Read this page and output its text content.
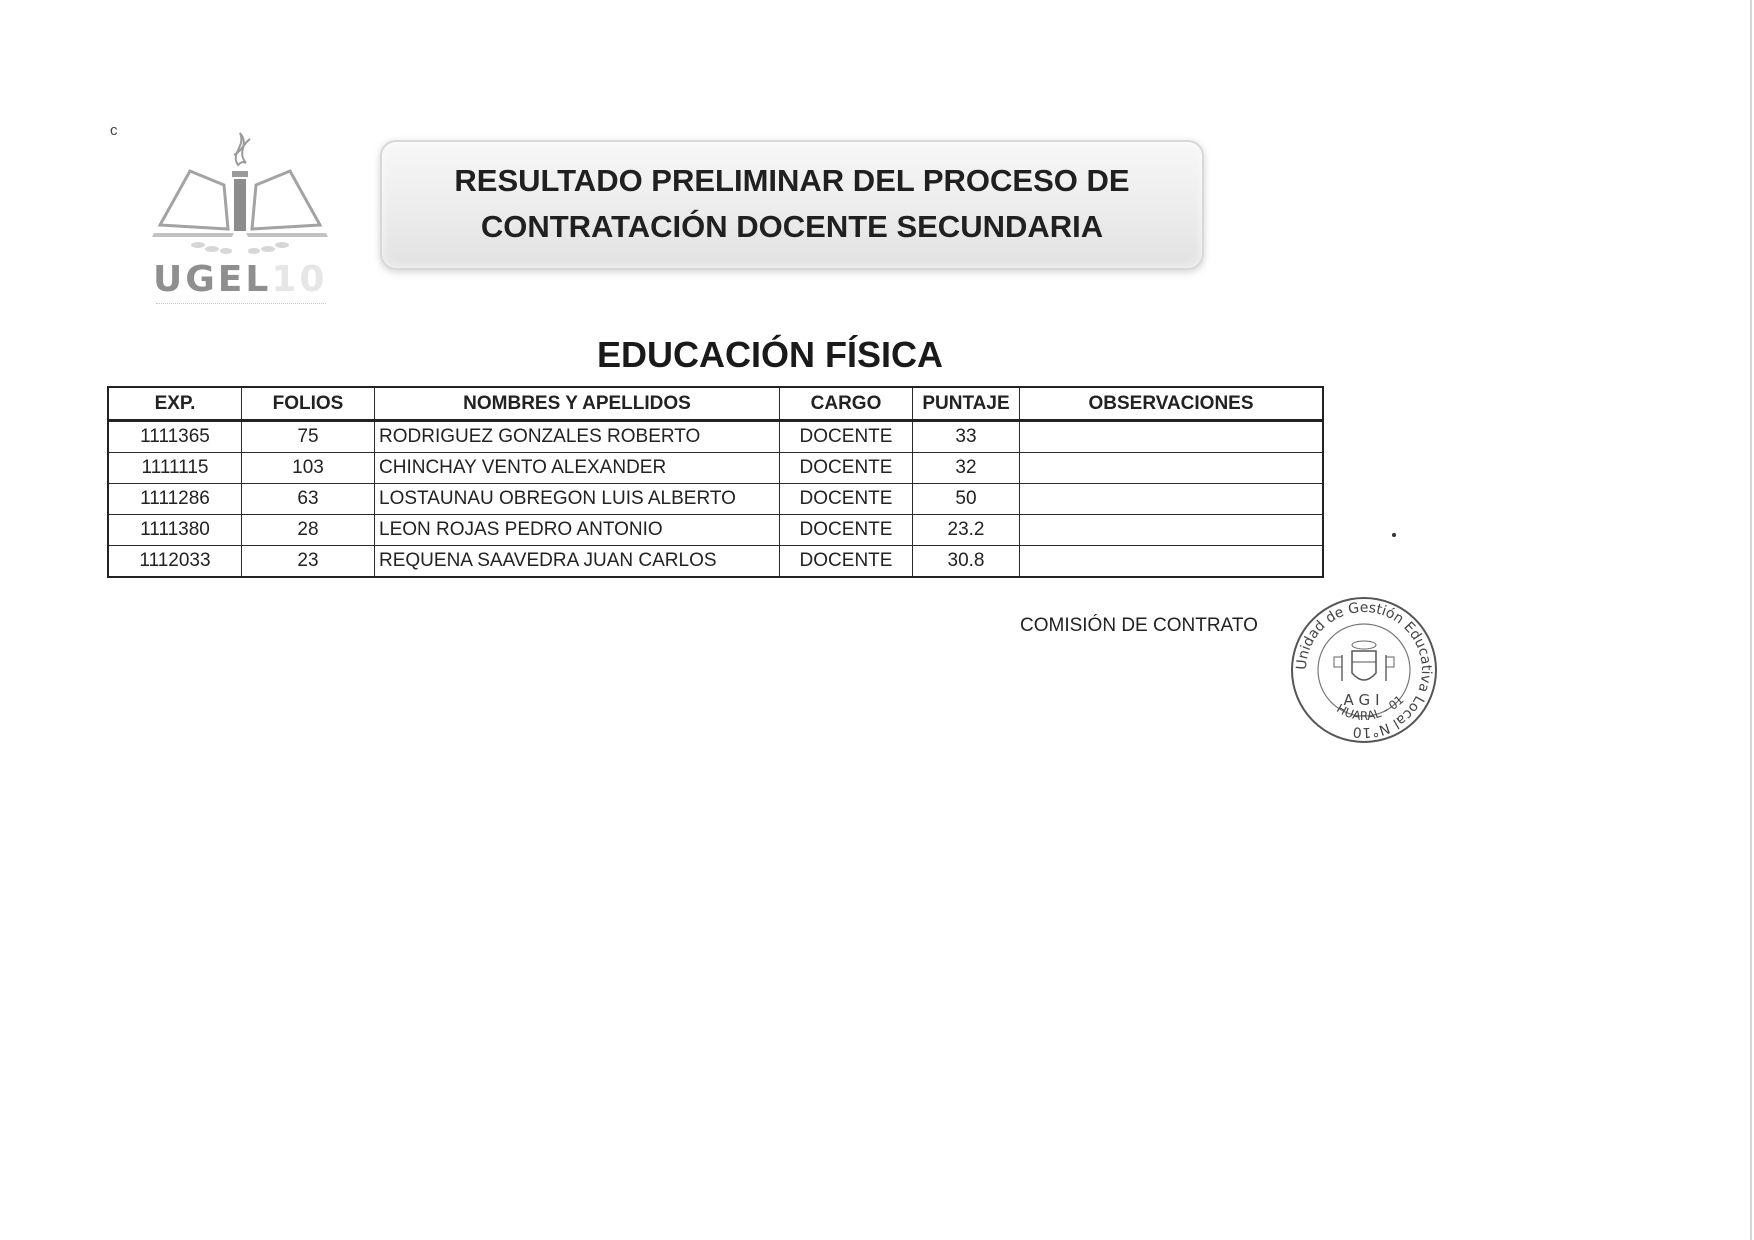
c
UGEL10
RESULTADO PRELIMINAR DEL PROCESO DE
CONTRATACIÓN DOCENTE SECUNDARIA
EDUCACIÓN FÍSICA
EXP.	FOLIOS	NOMBRES Y APELLIDOS	CARGO	PUNTAJE	OBSERVACIONES
1111365	75	RODRIGUEZ GONZALES ROBERTO	DOCENTE	33	
1111115	103	CHINCHAY VENTO ALEXANDER	DOCENTE	32	
1111286	63	LOSTAUNAU OBREGON LUIS ALBERTO	DOCENTE	50	
1111380	28	LEON ROJAS PEDRO ANTONIO	DOCENTE	23.2	
1112033	23	REQUENA SAAVEDRA JUAN CARLOS	DOCENTE	30.8	
COMISIÓN DE CONTRATO
Unidad de Gestión Educativa Local N°10
AGI
HUARAL - 01
